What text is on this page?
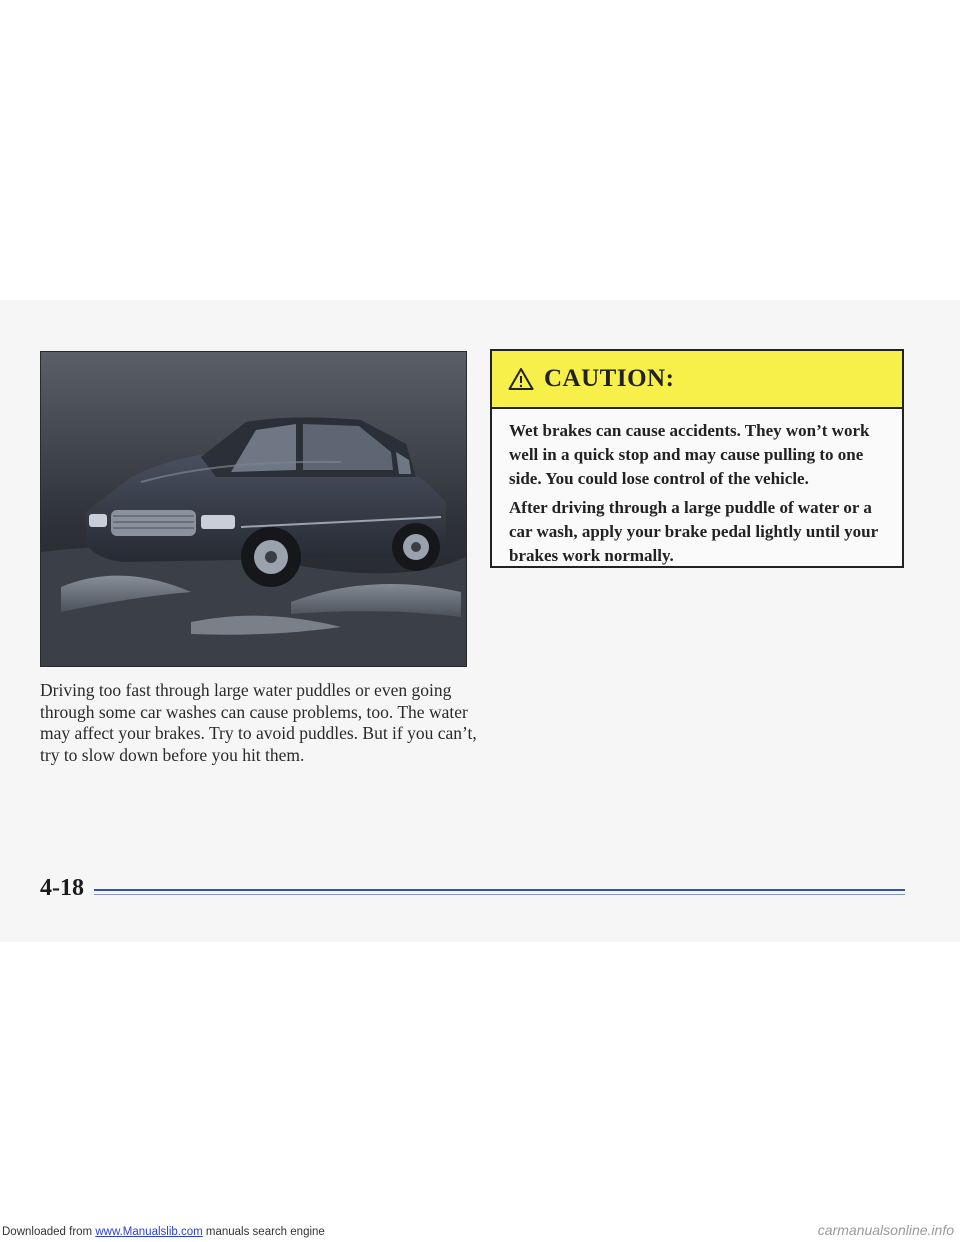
CAUTION:

Wet brakes can cause accidents. They won’t work well in a quick stop and may cause pulling to one side. You could lose control of the vehicle.

After driving through a large puddle of water or a car wash, apply your brake pedal lightly until your brakes work normally.

Driving too fast through large water puddles or even going through some car washes can cause problems, too. The water may affect your brakes. Try to avoid puddles. But if you can’t, try to slow down before you hit them.
4-18
Downloaded from www.Manualslib.com manuals search engine	carmanualsonline.info
